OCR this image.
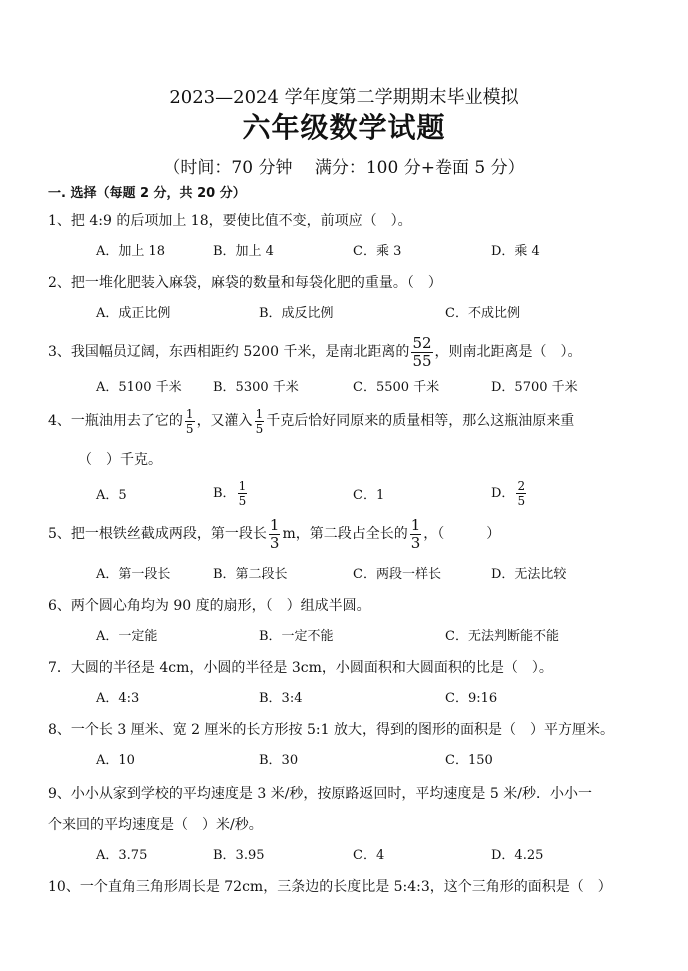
2023—2024 学年度第二学期期末毕业模拟
六年级数学试题
（时间：70 分钟　 满分：100 分+卷面 5 分）
一. 选择（每题 2 分，共 20 分）
1、把 4:9 的后项加上 18，要使比值不变，前项应（　）。
A．加上 18	B．加上 4	C．乘 3	D．乘 4
2、把一堆化肥装入麻袋，麻袋的数量和每袋化肥的重量。（　）
A．成正比例	B．成反比例	C．不成比例
3、我国幅员辽阔，东西相距约 5200 千米，是南北距离的 $\frac{52}{55}$ ，则南北距离是（　）。
A．5100 千米 B．5300 千米	C．5500 千米	D．5700 千米
4、一瓶油用去了它的 $\frac{1}{5}$ ，又灌入 $\frac{1}{5}$ 千克后恰好同原来的质量相等，那么这瓶油原来重
（　）千克。
A．5	B． $\frac{1}{5}$	C．1	D． $\frac{2}{5}$
5、把一根铁丝截成两段，第一段长 $\frac{1}{3}$ m，第二段占全长的 $\frac{1}{3}$ ，（　　　）
A．第一段长	B．第二段长	C．两段一样长	D．无法比较
6、两个圆心角均为 90 度的扇形，（　）组成半圆。
A．一定能	B．一定不能	C．无法判断能不能
7．大圆的半径是 4cm，小圆的半径是 3cm，小圆面积和大圆面积的比是（　）。
A．4:3	B．3:4	C．9:16
8、一个长 3 厘米、宽 2 厘米的长方形按 5:1 放大，得到的图形的面积是（　）平方厘米。
A．10	B．30	C．150
9、小小从家到学校的平均速度是 3 米/秒，按原路返回时，平均速度是 5 米/秒．小小一
个来回的平均速度是（　）米/秒。
A．3.75	B．3.95	C．4	D．4.25
10、一个直角三角形周长是 72cm，三条边的长度比是 5:4:3，这个三角形的面积是（　）
